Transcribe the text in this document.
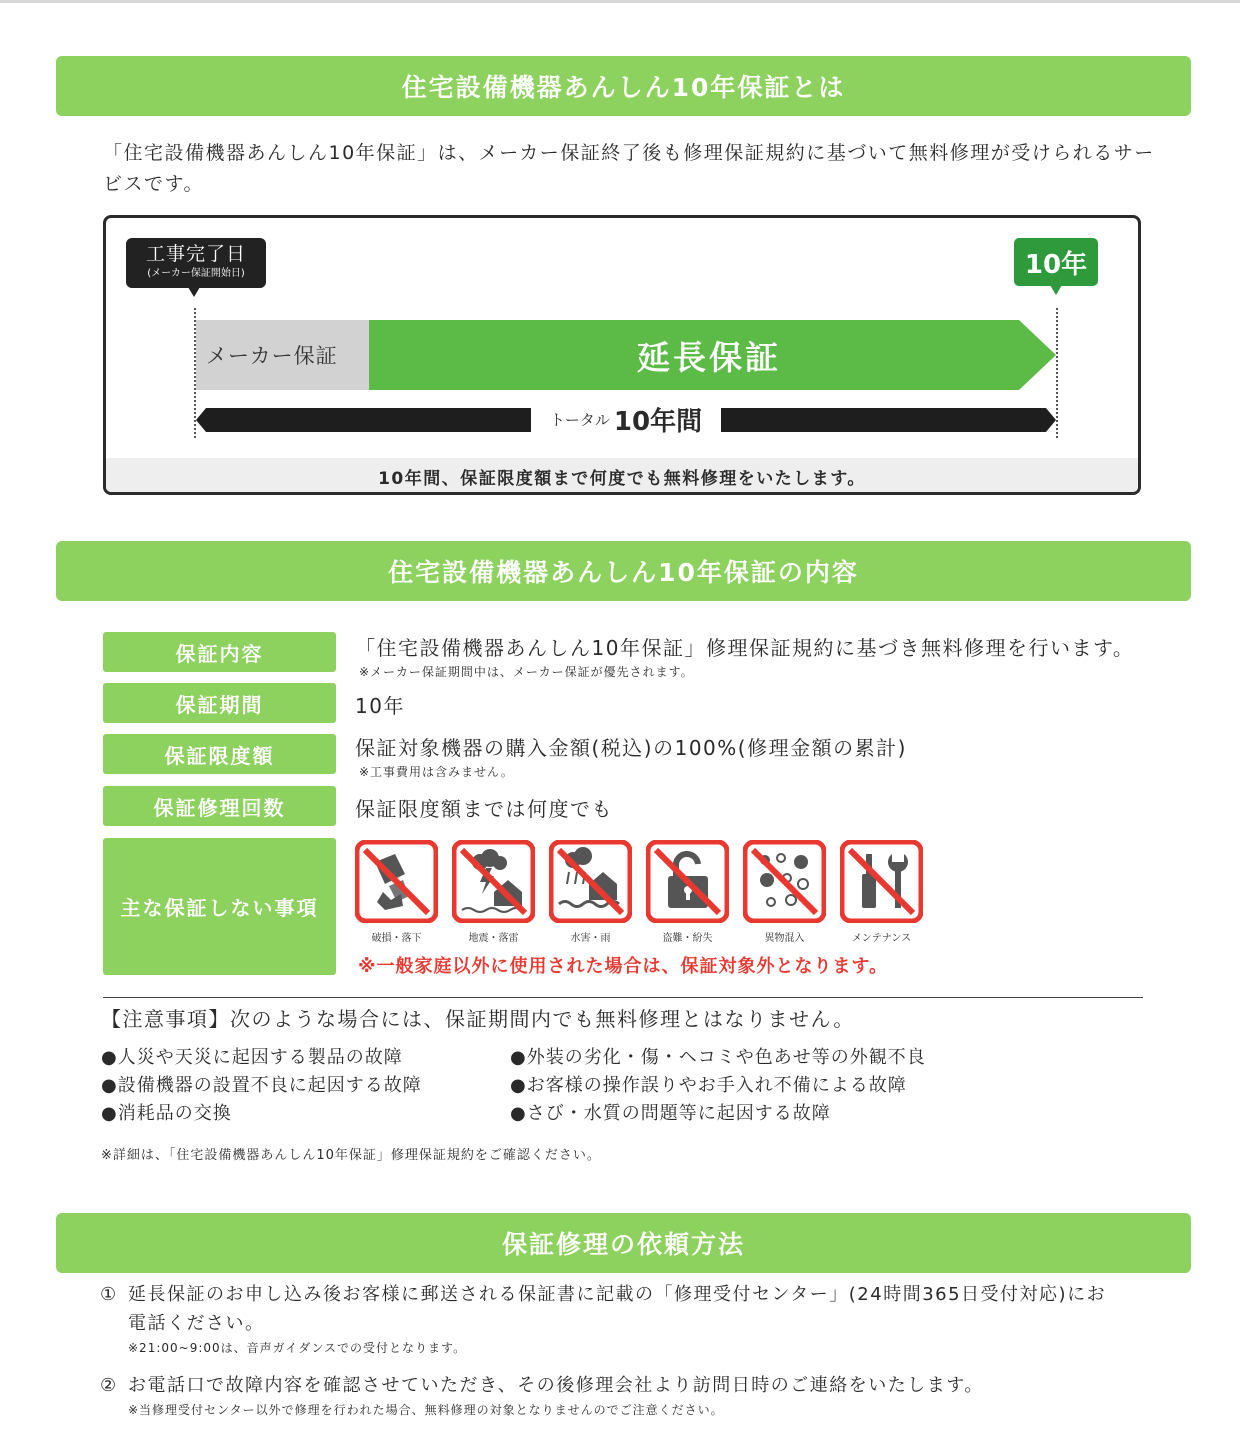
住宅設備機器あんしん10年保証とは
「住宅設備機器あんしん10年保証」は、メーカー保証終了後も修理保証規約に基づいて無料修理が受けられるサービスです。
工事完了日
(メーカー保証開始日)	10年
メーカー保証	延長保証
トータル 10年間
10年間、保証限度額まで何度でも無料修理をいたします。
住宅設備機器あんしん10年保証の内容
保証内容	「住宅設備機器あんしん10年保証」修理保証規約に基づき無料修理を行います。
※メーカー保証期間中は、メーカー保証が優先されます。
保証期間	10年
保証限度額	保証対象機器の購入金額(税込)の100%(修理金額の累計)
※工事費用は含みません。
保証修理回数	保証限度額までは何度でも
主な保証しない事項
破損・落下	地震・落雷	水害・雨	盗難・紛失	異物混入	メンテナンス
※一般家庭以外に使用された場合は、保証対象外となります。
【注意事項】次のような場合には、保証期間内でも無料修理とはなりません。
● 人災や天災に起因する製品の故障
● 設備機器の設置不良に起因する故障
● 消耗品の交換
● 外装の劣化・傷・ヘコミや色あせ等の外観不良
● お客様の操作誤りやお手入れ不備による故障
● さび・水質の問題等に起因する故障
※詳細は、「住宅設備機器あんしん10年保証」修理保証規約をご確認ください。
保証修理の依頼方法
① 延長保証のお申し込み後お客様に郵送される保証書に記載の「修理受付センター」(24時間365日受付対応)にお電話ください。
※21:00~9:00は、音声ガイダンスでの受付となります。
② お電話口で故障内容を確認させていただき、その後修理会社より訪問日時のご連絡をいたします。
※当修理受付センター以外で修理を行われた場合、無料修理の対象となりませんのでご注意ください。
